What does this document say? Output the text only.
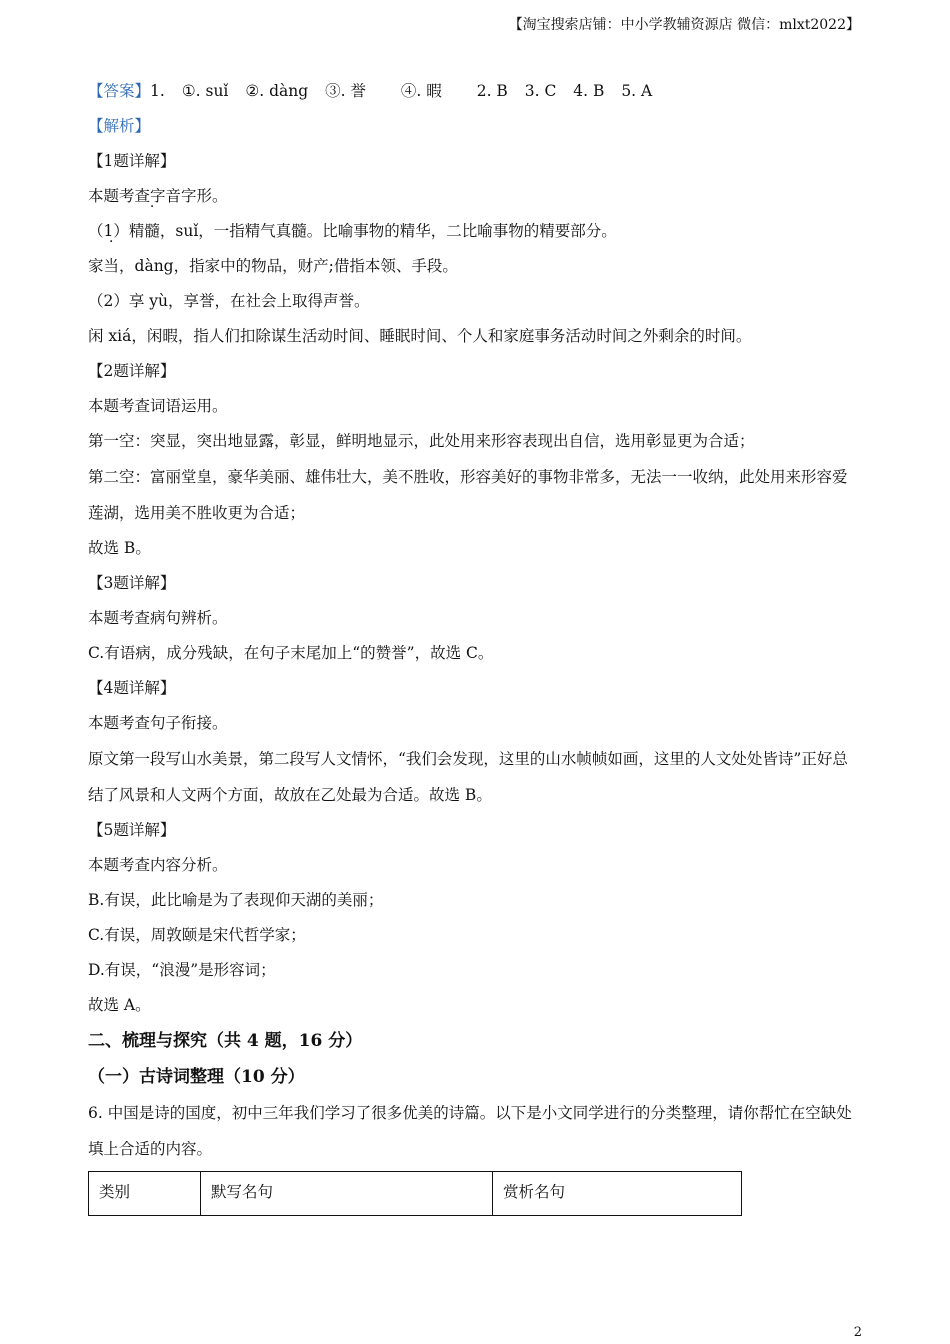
【淘宝搜索店铺：中小学教辅资源店 微信：mlxt2022】
【答案】1. ①. suǐ ②. dàng ③. 誉 ④. 暇 2. B 3. C 4. B 5. A
【解析】
【1题详解】
本题考查字音字形。
（1）精髓，suǐ，一指精气真髓。比喻事物的精华，二比喻事物的精要部分。
家当，dàng，指家中的物品，财产;借指本领、手段。
（2）享 yù，享誉，在社会上取得声誉。
闲 xiá，闲暇，指人们扣除谋生活动时间、睡眠时间、个人和家庭事务活动时间之外剩余的时间。
【2题详解】
本题考查词语运用。
第一空：突显，突出地显露，彰显，鲜明地显示，此处用来形容表现出自信，选用彰显更为合适；
第二空：富丽堂皇，豪华美丽、雄伟壮大，美不胜收，形容美好的事物非常多，无法一一收纳，此处用来形容爱莲湖，选用美不胜收更为合适；
故选 B。
【3题详解】
本题考查病句辨析。
C.有语病，成分残缺，在句子末尾加上“的赞誉”，故选 C。
【4题详解】
本题考查句子衔接。
原文第一段写山水美景，第二段写人文情怀，“我们会发现，这里的山水帧帧如画，这里的人文处处皆诗”正好总结了风景和人文两个方面，故放在乙处最为合适。故选 B。
【5题详解】
本题考查内容分析。
B.有误，此比喻是为了表现仰天湖的美丽；
C.有误，周敦颐是宋代哲学家；
D.有误，“浪漫”是形容词；
故选 A。
二、梳理与探究（共 4 题，16 分）
（一）古诗词整理（10 分）
6. 中国是诗的国度，初中三年我们学习了很多优美的诗篇。以下是小文同学进行的分类整理，请你帮忙在空缺处填上合适的内容。
类别	默写名句	赏析名句
2
